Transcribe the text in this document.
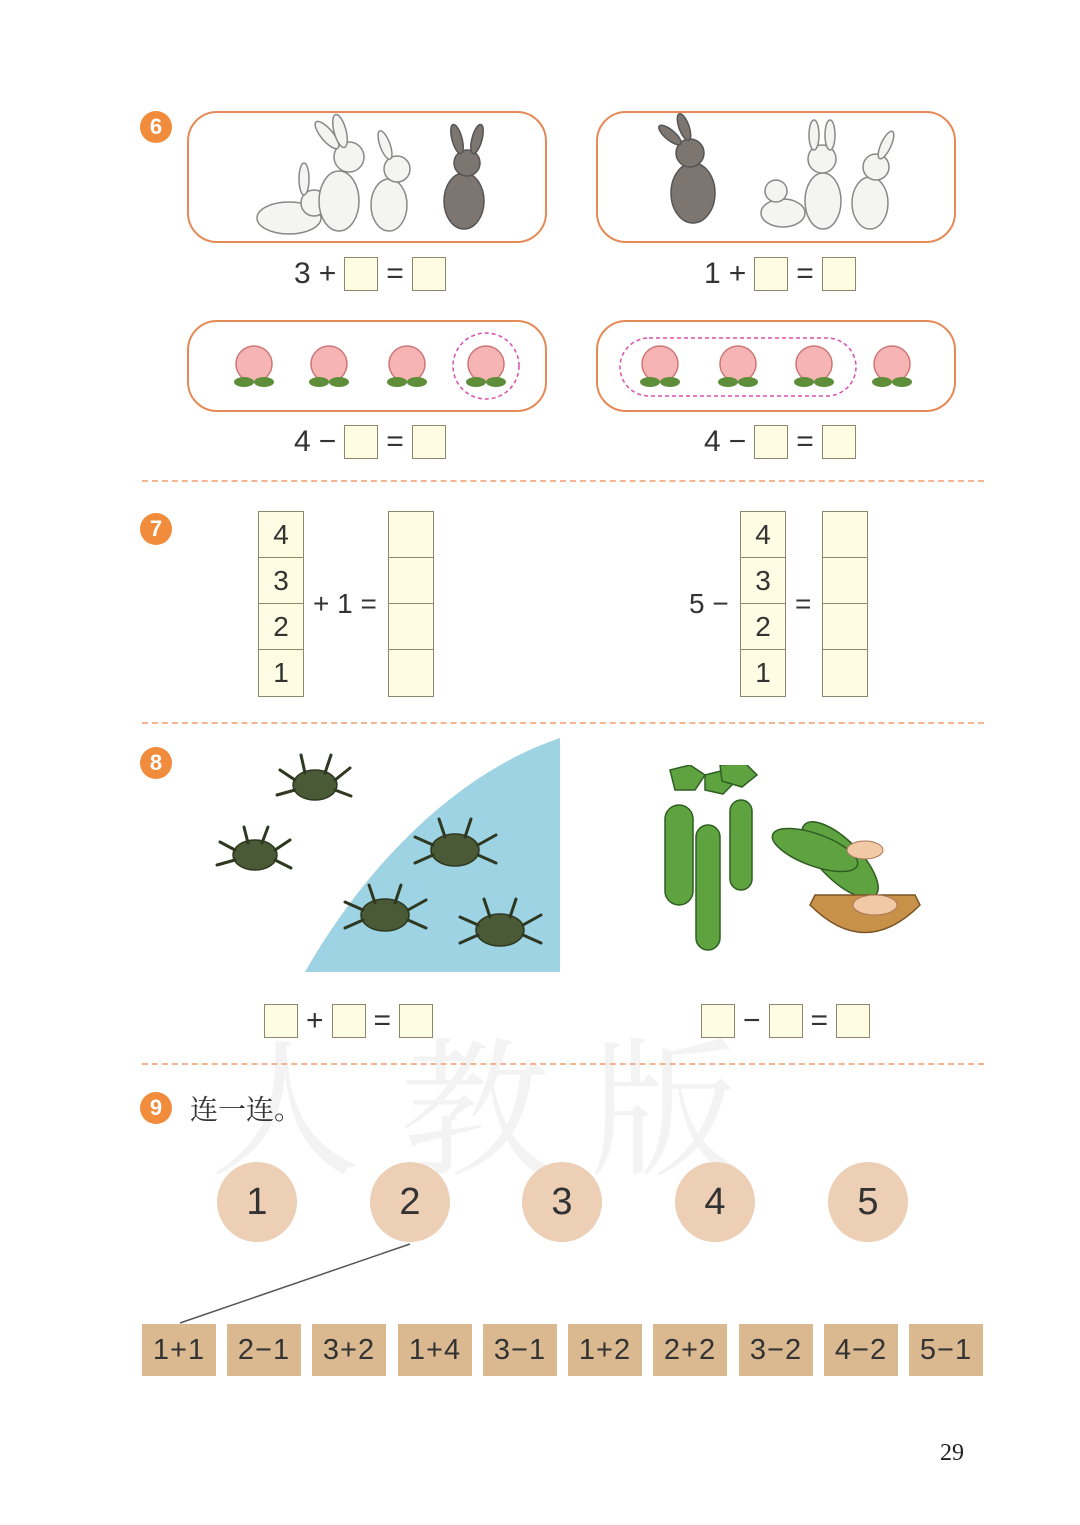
6
3 + =	1 + =
4 − =	4 − =
7	4
3
2
1
+ 1 =	5 −
4
3
2
1
=
8
+ =	− =
9 连一连。
1	2	3	4	5
1+1	2−1	3+2	1+4	3−1	1+2	2+2	3−2	4−2	5−1
29
